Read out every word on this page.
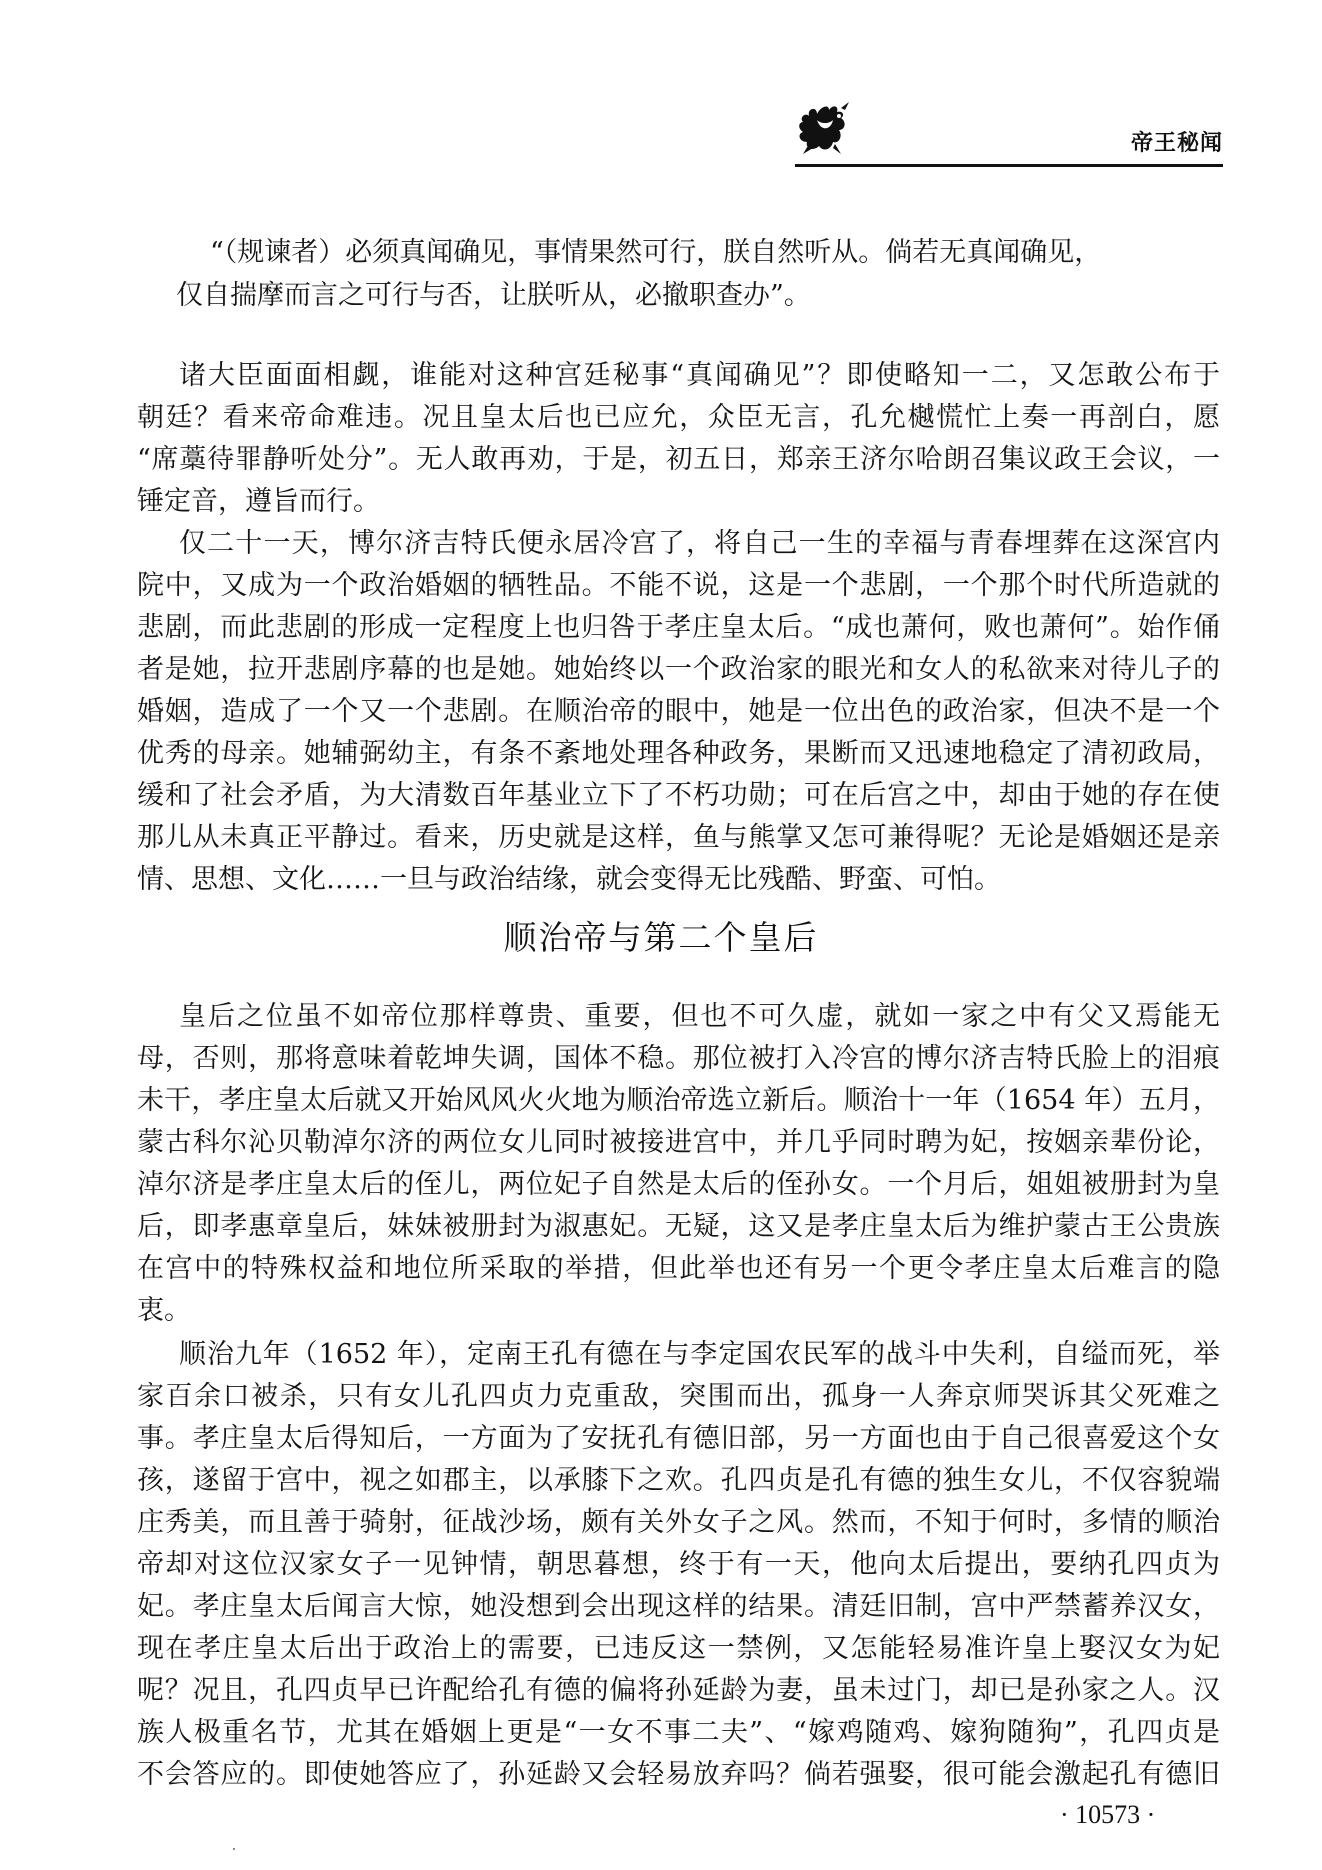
帝王秘闻
“（规谏者）必须真闻确见，事情果然可行，朕自然听从。倘若无真闻确见，
仅自揣摩而言之可行与否，让朕听从，必撤职查办”。
诸大臣面面相觑，谁能对这种宫廷秘事“真闻确见”？即使略知一二，又怎敢公布于
朝廷？看来帝命难违。况且皇太后也已应允，众臣无言，孔允樾慌忙上奏一再剖白，愿
“席藁待罪静听处分”。无人敢再劝，于是，初五日，郑亲王济尔哈朗召集议政王会议，一
锤定音，遵旨而行。
仅二十一天，博尔济吉特氏便永居冷宫了，将自己一生的幸福与青春埋葬在这深宫内
院中，又成为一个政治婚姻的牺牲品。不能不说，这是一个悲剧，一个那个时代所造就的
悲剧，而此悲剧的形成一定程度上也归咎于孝庄皇太后。“成也萧何，败也萧何”。始作俑
者是她，拉开悲剧序幕的也是她。她始终以一个政治家的眼光和女人的私欲来对待儿子的
婚姻，造成了一个又一个悲剧。在顺治帝的眼中，她是一位出色的政治家，但决不是一个
优秀的母亲。她辅弼幼主，有条不紊地处理各种政务，果断而又迅速地稳定了清初政局，
缓和了社会矛盾，为大清数百年基业立下了不朽功勋；可在后宫之中，却由于她的存在使
那儿从未真正平静过。看来，历史就是这样，鱼与熊掌又怎可兼得呢？无论是婚姻还是亲
情、思想、文化……一旦与政治结缘，就会变得无比残酷、野蛮、可怕。
顺治帝与第二个皇后
皇后之位虽不如帝位那样尊贵、重要，但也不可久虚，就如一家之中有父又焉能无
母，否则，那将意味着乾坤失调，国体不稳。那位被打入冷宫的博尔济吉特氏脸上的泪痕
未干，孝庄皇太后就又开始风风火火地为顺治帝选立新后。顺治十一年（1654 年）五月，
蒙古科尔沁贝勒淖尔济的两位女儿同时被接进宫中，并几乎同时聘为妃，按姻亲辈份论，
淖尔济是孝庄皇太后的侄儿，两位妃子自然是太后的侄孙女。一个月后，姐姐被册封为皇
后，即孝惠章皇后，妹妹被册封为淑惠妃。无疑，这又是孝庄皇太后为维护蒙古王公贵族
在宫中的特殊权益和地位所采取的举措，但此举也还有另一个更令孝庄皇太后难言的隐
衷。
顺治九年（1652 年），定南王孔有德在与李定国农民军的战斗中失利，自缢而死，举
家百余口被杀，只有女儿孔四贞力克重敌，突围而出，孤身一人奔京师哭诉其父死难之
事。孝庄皇太后得知后，一方面为了安抚孔有德旧部，另一方面也由于自己很喜爱这个女
孩，遂留于宫中，视之如郡主，以承膝下之欢。孔四贞是孔有德的独生女儿，不仅容貌端
庄秀美，而且善于骑射，征战沙场，颇有关外女子之风。然而，不知于何时，多情的顺治
帝却对这位汉家女子一见钟情，朝思暮想，终于有一天，他向太后提出，要纳孔四贞为
妃。孝庄皇太后闻言大惊，她没想到会出现这样的结果。清廷旧制，宫中严禁蓄养汉女，
现在孝庄皇太后出于政治上的需要，已违反这一禁例，又怎能轻易准许皇上娶汉女为妃
呢？况且，孔四贞早已许配给孔有德的偏将孙延龄为妻，虽未过门，却已是孙家之人。汉
族人极重名节，尤其在婚姻上更是“一女不事二夫”、“嫁鸡随鸡、嫁狗随狗”，孔四贞是
不会答应的。即使她答应了，孙延龄又会轻易放弃吗？倘若强娶，很可能会激起孔有德旧
· 10573 ·
